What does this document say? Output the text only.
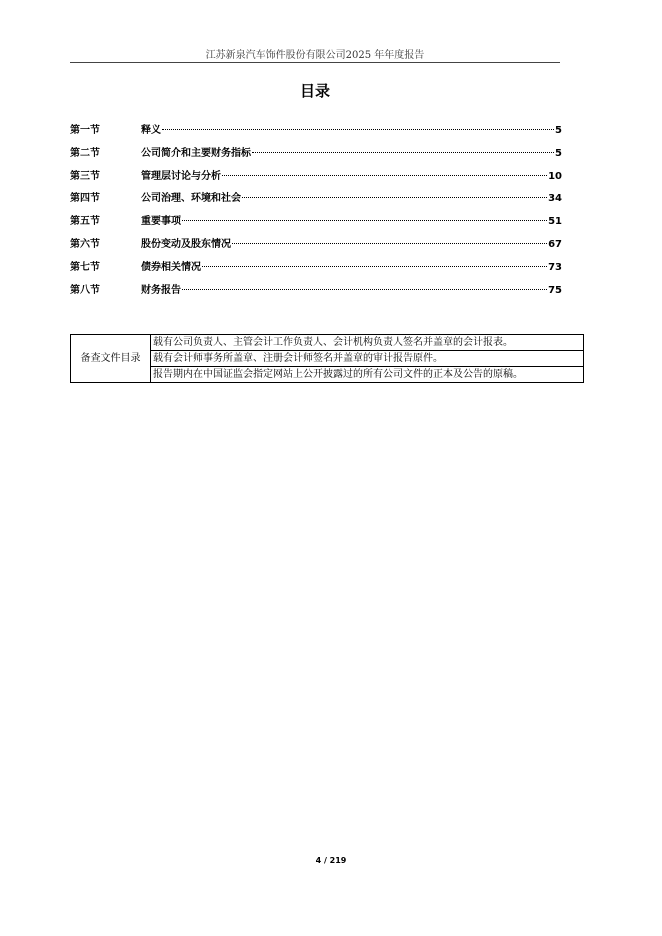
江苏新泉汽车饰件股份有限公司2025 年年度报告
目录
第一节	释义	5
第二节	公司简介和主要财务指标	5
第三节	管理层讨论与分析	10
第四节	公司治理、环境和社会	34
第五节	重要事项	51
第六节	股份变动及股东情况	67
第七节	债券相关情况	73
第八节	财务报告	75
备查文件目录	载有公司负责人、主管会计工作负责人、会计机构负责人签名并盖章的会计报表。
载有会计师事务所盖章、注册会计师签名并盖章的审计报告原件。
报告期内在中国证监会指定网站上公开披露过的所有公司文件的正本及公告的原稿。
4 / 219
